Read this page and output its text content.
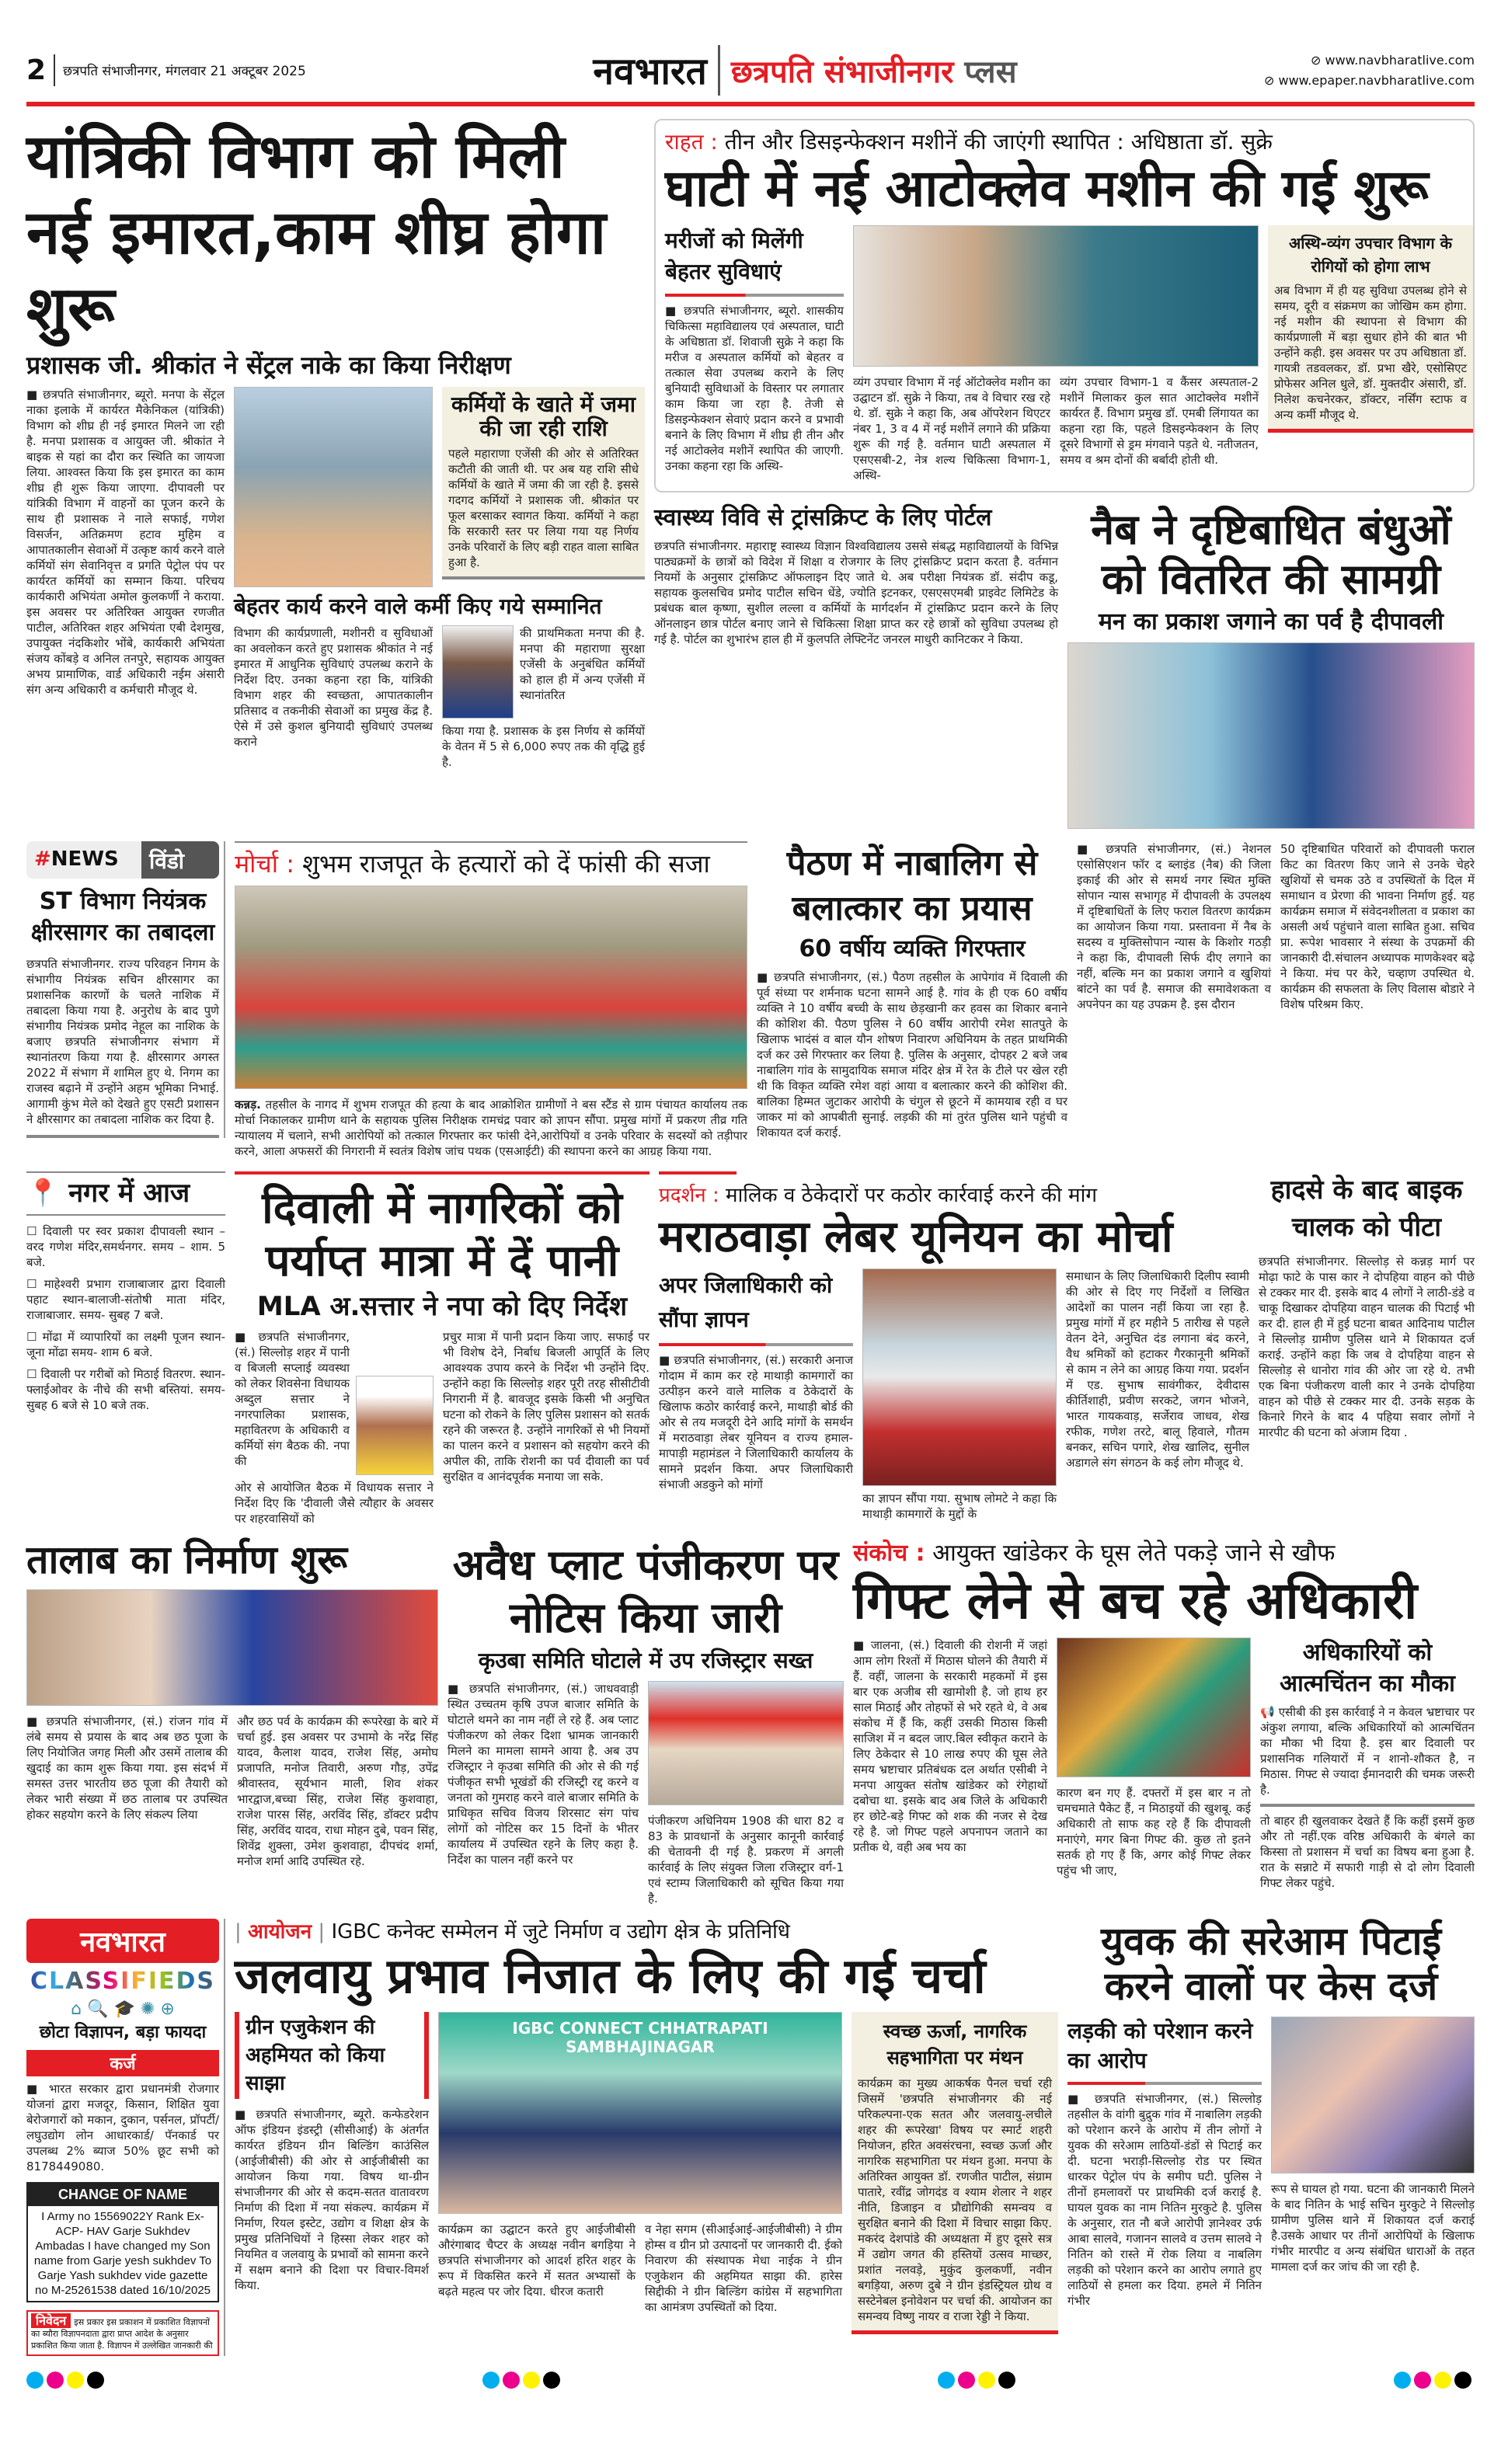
2	छत्रपति संभाजीनगर, मंगलवार 21 अक्टूबर 2025	नवभारत छत्रपति संभाजीनगर प्लस	⊘ www.navbharatlive.com
⊘ www.epaper.navbharatlive.com
यांत्रिकी विभाग को मिली नई इमारत,काम शीघ्र होगा शुरू
प्रशासक जी. श्रीकांत ने सेंट्रल नाके का किया निरीक्षण
■ छत्रपति संभाजीनगर, ब्यूरो. मनपा के सेंट्रल नाका इलाके में कार्यरत मैकेनिकल (यांत्रिकी) विभाग को शीघ्र ही नई इमारत मिलने जा रही है. मनपा प्रशासक व आयुक्त जी. श्रीकांत ने बाइक से यहां का दौरा कर स्थिति का जायजा लिया. आश्वस्त किया कि इस इमारत का काम शीघ्र ही शुरू किया जाएगा. दीपावली पर यांत्रिकी विभाग में वाहनों का पूजन करने के साथ ही प्रशासक ने नाले सफाई, गणेश विसर्जन, अतिक्रमण हटाव मुहिम व आपातकालीन सेवाओं में उत्कृष्ट कार्य करने वाले कर्मियों संग सेवानिवृत्त व प्रगति पेट्रोल पंप पर कार्यरत कर्मियों का सम्मान किया. परिचय कार्यकारी अभियंता अमोल कुलकर्णी ने कराया. इस अवसर पर अतिरिक्त आयुक्त रणजीत पाटील, अतिरिक्त शहर अभियंता एबी देशमुख, उपायुक्त नंदकिशोर भोंबे, कार्यकारी अभियंता संजय कोंबड़े व अनिल तनपुरे, सहायक आयुक्त अभय प्रामाणिक, वार्ड अधिकारी नईम अंसारी संग अन्य अधिकारी व कर्मचारी मौजूद थे.
कर्मियों के खाते में जमा की जा रही राशि
पहले महाराणा एजेंसी की ओर से अतिरिक्त कटौती की जाती थी. पर अब यह राशि सीधे कर्मियों के खाते में जमा की जा रही है. इससे गदगद कर्मियों ने प्रशासक जी. श्रीकांत पर फूल बरसाकर स्वागत किया. कर्मियों ने कहा कि सरकारी स्तर पर लिया गया यह निर्णय उनके परिवारों के लिए बड़ी राहत वाला साबित हुआ है.
बेहतर कार्य करने वाले कर्मी किए गये सम्मानित
विभाग की कार्यप्रणाली, मशीनरी व सुविधाओं का अवलोकन करते हुए प्रशासक श्रीकांत ने नई इमारत में आधुनिक सुविधाएं उपलब्ध कराने के निर्देश दिए. उनका कहना रहा कि, यांत्रिकी विभाग शहर की स्वच्छता, आपातकालीन प्रतिसाद व तकनीकी सेवाओं का प्रमुख केंद्र है. ऐसे में उसे कुशल बुनियादी सुविधाएं उपलब्ध कराने
की प्राथमिकता मनपा की है. मनपा की महाराणा सुरक्षा एजेंसी के अनुबंधित कर्मियों को हाल ही में अन्य एजेंसी में स्थानांतरित
किया गया है. प्रशासक के इस निर्णय से कर्मियों के वेतन में 5 से 6,000 रुपए तक की वृद्धि हुई है.
राहत : तीन और डिसइन्फेक्शन मशीनें की जाएंगी स्थापित : अधिष्ठाता डॉ. सुक्रे
घाटी में नई आटोक्लेव मशीन की गई शुरू
मरीजों को मिलेंगी बेहतर सुविधाएं
■ छत्रपति संभाजीनगर, ब्यूरो. शासकीय चिकित्सा महाविद्यालय एवं अस्पताल, घाटी के अधिष्ठाता डॉ. शिवाजी सुक्रे ने कहा कि मरीज व अस्पताल कर्मियों को बेहतर व तत्काल सेवा उपलब्ध कराने के लिए बुनियादी सुविधाओं के विस्तार पर लगातार काम किया जा रहा है. तेजी से डिसइन्फेक्शन सेवाएं प्रदान करने व प्रभावी बनाने के लिए विभाग में शीघ्र ही तीन और नई आटोक्लेव मशीनें स्थापित की जाएगी. उनका कहना रहा कि अस्थि-
व्यंग उपचार विभाग में नई ऑटोक्लेव मशीन का उद्घाटन डॉ. सुक्रे ने किया, तब वे विचार रख रहे थे. डॉ. सुक्रे ने कहा कि, अब ऑपरेशन थिएटर नंबर 1, 3 व 4 में नई मशीनें लगाने की प्रक्रिया शुरू की गई है. वर्तमान घाटी अस्पताल में एसएसबी-2, नेत्र शल्य चिकित्सा विभाग-1, अस्थि-
व्यंग उपचार विभाग-1 व कैंसर अस्पताल-2 मशीनें मिलाकर कुल सात आटोक्लेव मशीनें कार्यरत हैं. विभाग प्रमुख डॉ. एमबी लिंगायत का कहना रहा कि, पहले डिसइन्फेक्शन के लिए दूसरे विभागों से ड्रम मंगवाने पड़ते थे. नतीजतन, समय व श्रम दोनों की बर्बादी होती थी.
अस्थि-व्यंग उपचार विभाग के रोगियों को होगा लाभ
अब विभाग में ही यह सुविधा उपलब्ध होने से समय, दूरी व संक्रमण का जोखिम कम होगा. नई मशीन की स्थापना से विभाग की कार्यप्रणाली में बड़ा सुधार होने की बात भी उन्होंने कही. इस अवसर पर उप अधिष्ठाता डॉ. गायत्री तडवलकर, डॉ. प्रभा खैरे, एसोसिएट प्रोफेसर अनिल धुले, डॉ. मुक्तदीर अंसारी, डॉ. निलेश कचनेरकर, डॉक्टर, नर्सिंग स्टाफ व अन्य कर्मी मौजूद थे.
स्वास्थ्य विवि से ट्रांसक्रिप्ट के लिए पोर्टल
छत्रपति संभाजीनगर. महाराष्ट्र स्वास्थ्य विज्ञान विश्वविद्यालय उससे संबद्ध महाविद्यालयों के विभिन्न पाठ्यक्रमों के छात्रों को विदेश में शिक्षा व रोजगार के लिए ट्रांसक्रिप्ट प्रदान करता है. वर्तमान नियमों के अनुसार ट्रांसक्रिप्ट ऑफलाइन दिए जाते थे. अब परीक्षा नियंत्रक डॉ. संदीप कडू, सहायक कुलसचिव प्रमोद पाटील सचिन धेंडे, ज्योति इटनकर, एसएसएमबी प्राइवेट लिमिटेड के प्रबंधक बाल कृष्णा, सुशील लल्ला व कर्मियों के मार्गदर्शन में ट्रांसक्रिप्ट प्रदान करने के लिए ऑनलाइन छात्र पोर्टल बनाए जाने से चिकित्सा शिक्षा प्राप्त कर रहे छात्रों को सुविधा उपलब्ध हो गई है. पोर्टल का शुभारंभ हाल ही में कुलपति लेफ्टिनेंट जनरल माधुरी कानिटकर ने किया.
नैब ने दृष्टिबाधित बंधुओं को वितरित की सामग्री
मन का प्रकाश जगाने का पर्व है दीपावली
#NEWS	विंडो
ST विभाग नियंत्रक क्षीरसागर का तबादला
छत्रपति संभाजीनगर. राज्य परिवहन निगम के संभागीय नियंत्रक सचिन क्षीरसागर का प्रशासनिक कारणों के चलते नाशिक में तबादला किया गया है. अनुरोध के बाद पुणे संभागीय नियंत्रक प्रमोद नेहूल का नाशिक के बजाए छत्रपति संभाजीनगर संभाग में स्थानांतरण किया गया है. क्षीरसागर अगस्त 2022 में संभाग में शामिल हुए थे. निगम का राजस्व बढ़ाने में उन्होंने अहम भूमिका निभाई. आगामी कुंभ मेले को देखते हुए एसटी प्रशासन ने क्षीरसागर का तबादला नाशिक कर दिया है.
मोर्चा : शुभम राजपूत के हत्यारों को दें फांसी की सजा
कन्नड़. तहसील के नागद में शुभम राजपूत की हत्या के बाद आक्रोशित ग्रामीणों ने बस स्टैंड से ग्राम पंचायत कार्यालय तक मोर्चा निकालकर ग्रामीण थाने के सहायक पुलिस निरीक्षक रामचंद्र पवार को ज्ञापन सौंपा. प्रमुख मांगों में प्रकरण तीव्र गति न्यायालय में चलाने, सभी आरोपियों को तत्काल गिरफ्तार कर फांसी देने,आरोपियों व उनके परिवार के सदस्यों को तड़ीपार करने, आला अफसरों की निगरानी में स्वतंत्र विशेष जांच पथक (एसआईटी) की स्थापना करने का आग्रह किया गया.
पैठण में नाबालिग से बलात्कार का प्रयास
60 वर्षीय व्यक्ति गिरफ्तार
■ छत्रपति संभाजीनगर, (सं.) पैठण तहसील के आपेगांव में दिवाली की पूर्व संध्या पर शर्मनाक घटना सामने आई है. गांव के ही एक 60 वर्षीय व्यक्ति ने 10 वर्षीय बच्ची के साथ छेड़खानी कर हवस का शिकार बनाने की कोशिश की. पैठण पुलिस ने 60 वर्षीय आरोपी रमेश सातपुते के खिलाफ भादंसं व बाल यौन शोषण निवारण अधिनियम के तहत प्राथमिकी दर्ज कर उसे गिरफ्तार कर लिया है. पुलिस के अनुसार, दोपहर 2 बजे जब नाबालिग गांव के सामुदायिक समाज मंदिर क्षेत्र में रेत के टीले पर खेल रही थी कि विकृत व्यक्ति रमेश वहां आया व बलात्कार करने की कोशिश की. बालिका हिम्मत जुटाकर आरोपी के चंगुल से छूटने में कामयाब रही व घर जाकर मां को आपबीती सुनाई. लड़की की मां तुरंत पुलिस थाने पहुंची व शिकायत दर्ज कराई.
■ छत्रपति संभाजीनगर, (सं.) नेशनल एसोसिएशन फॉर द ब्लाइंड (नैब) की जिला इकाई की ओर से समर्थ नगर स्थित मुक्ति सोपान न्यास सभागृह में दीपावली के उपलक्ष्य में दृष्टिबाधितों के लिए फराल वितरण कार्यक्रम का आयोजन किया गया. प्रस्तावना में नैब के सदस्य व मुक्तिसोपान न्यास के किशोर गठड़ी ने कहा कि, दीपावली सिर्फ दीए लगाने का नहीं, बल्कि मन का प्रकाश जगाने व खुशियां बांटने का पर्व है. समाज की समावेशकता व अपनेपन का यह उपक्रम है. इस दौरान
50 दृष्टिबाधित परिवारों को दीपावली फराल किट का वितरण किए जाने से उनके चेहरे खुशियों से चमक उठे व उपस्थितों के दिल में समाधान व प्रेरणा की भावना निर्माण हुई. यह कार्यक्रम समाज में संवेदनशीलता व प्रकाश का असली अर्थ पहुंचाने वाला साबित हुआ. सचिव प्रा. रूपेश भावसार ने संस्था के उपक्रमों की जानकारी दी.संचालन अध्यापक माणकेश्वर बढ़े ने किया. मंच पर केरे, चव्हाण उपस्थित थे. कार्यक्रम की सफलता के लिए विलास बोडारे ने विशेष परिश्रम किए.
📍 नगर में आज
☐ दिवाली पर स्वर प्रकाश दीपावली स्थान – वरद गणेश मंदिर,समर्थनगर. समय – शाम. 5 बजे.
☐ माहेश्वरी प्रभाग राजाबाजार द्वारा दिवाली पहाट स्थान-बालाजी-संतोषी माता मंदिर, राजाबाजार. समय- सुबह 7 बजे.
☐ मोंढा में व्यापारियों का लक्ष्मी पूजन स्थान-जूना मोंढा समय- शाम 6 बजे.
☐ दिवाली पर गरीबों को मिठाई वितरण. स्थान- फ्लाईओवर के नीचे की सभी बस्तियां. समय- सुबह 6 बजे से 10 बजे तक.
दिवाली में नागरिकों को पर्याप्त मात्रा में दें पानी
MLA अ.सत्तार ने नपा को दिए निर्देश
■ छत्रपति संभाजीनगर, (सं.) सिल्लोड़ शहर में पानी व बिजली सप्लाई व्यवस्था को लेकर शिवसेना विधायक अब्दुल सत्तार ने नगरपालिका प्रशासक, महावितरण के अधिकारी व कर्मियों संग बैठक की. नपा की
ओर से आयोजित बैठक में विधायक सत्तार ने निर्देश दिए कि 'दीवाली जैसे त्यौहार के अवसर पर शहरवासियों को
प्रचुर मात्रा में पानी प्रदान किया जाए. सफाई पर भी विशेष देने, निर्बाध बिजली आपूर्ति के लिए आवश्यक उपाय करने के निर्देश भी उन्होंने दिए. उन्होंने कहा कि सिल्लोड़ शहर पूरी तरह सीसीटीवी निगरानी में है. बावजूद इसके किसी भी अनुचित घटना को रोकने के लिए पुलिस प्रशासन को सतर्क रहने की जरूरत है. उन्होंने नागरिकों से भी नियमों का पालन करने व प्रशासन को सहयोग करने की अपील की, ताकि रोशनी का पर्व दीवाली का पर्व सुरक्षित व आनंदपूर्वक मनाया जा सके.
प्रदर्शन : मालिक व ठेकेदारों पर कठोर कार्रवाई करने की मांग
मराठवाड़ा लेबर यूनियन का मोर्चा
अपर जिलाधिकारी को सौंपा ज्ञापन
■ छत्रपति संभाजीनगर, (सं.) सरकारी अनाज गोदाम में काम कर रहे माथाड़ी कामगारों का उत्पीड़न करने वाले मालिक व ठेकेदारों के खिलाफ कठोर कार्रवाई करने, माथाड़ी बोर्ड की ओर से तय मजदूरी देने आदि मांगों के समर्थन में मराठवाड़ा लेबर यूनियन व राज्य हमाल-मापाड़ी महामंडल ने जिलाधिकारी कार्यालय के सामने प्रदर्शन किया. अपर जिलाधिकारी संभाजी अडकुने को मांगों
का ज्ञापन सौंपा गया. सुभाष लोमटे ने कहा कि माथाड़ी कामगारों के मुद्दों के
समाधान के लिए जिलाधिकारी दिलीप स्वामी की ओर से दिए गए निर्देशों व लिखित आदेशों का पालन नहीं किया जा रहा है. प्रमुख मांगों में हर महीने 5 तारीख से पहले वेतन देने, अनुचित दंड लगाना बंद करने, वैध श्रमिकों को हटाकर गैरकानूनी श्रमिकों से काम न लेने का आग्रह किया गया. प्रदर्शन में एड. सुभाष सावंगीकर, देवीदास कीर्तिशाही, प्रवीण सरकटे, जगन भोजने, भारत गायकवाड़, सर्जेराव जाधव, शेख रफीक, गणेश तरटे, बालू हिवाले, गौतम बनकर, सचिन पगारे, शेख खालिद, सुनील अडागले संग संगठन के कई लोग मौजूद थे.
हादसे के बाद बाइक चालक को पीटा
छत्रपति संभाजीनगर. सिल्लोड़ से कन्नड़ मार्ग पर मोढ़ा फाटे के पास कार ने दोपहिया वाहन को पीछे से टक्कर मार दी. इसके बाद 4 लोगों ने लाठी-डंडे व चाकू दिखाकर दोपहिया वाहन चालक की पिटाई भी कर दी. हाल ही में हुई घटना बाबत आदिनाथ पाटील ने सिल्लोड़ ग्रामीण पुलिस थाने मे शिकायत दर्ज कराई. उन्होंने कहा कि जब वे दोपहिया वाहन से सिल्लोड़ से धानोरा गांव की ओर जा रहे थे. तभी एक बिना पंजीकरण वाली कार ने उनके दोपहिया वाहन को पीछे से टक्कर मार दी. उनके सड़क के किनारे गिरने के बाद 4 पहिया सवार लोगों ने मारपीट की घटना को अंजाम दिया .
तालाब का निर्माण शुरू
■ छत्रपति संभाजीनगर, (सं.) रांजन गांव में लंबे समय से प्रयास के बाद अब छठ पूजा के लिए नियोजित जगह मिली और उसमें तालाब की खुदाई का काम शुरू किया गया. इस संदर्भ में समस्त उत्तर भारतीय छठ पूजा की तैयारी को लेकर भारी संख्या में छठ तालाब पर उपस्थित होकर सहयोग करने के लिए संकल्प लिया
और छठ पर्व के कार्यक्रम की रूपरेखा के बारे में चर्चा हुई. इस अवसर पर उभामो के नरेंद्र सिंह यादव, कैलाश यादव, राजेश सिंह, अमोघ प्रजापति, मनोज तिवारी, अरुण गौड़, उपेंद्र श्रीवास्तव, सूर्यभान माली, शिव शंकर भारद्वाज,बच्चा सिंह, राजेश सिंह कुशवाहा, राजेश पारस सिंह, अरविंद सिंह, डॉक्टर प्रदीप सिंह, अरविंद यादव, राधा मोहन दुबे, पवन सिंह, शिवेंद्र शुक्ला, उमेश कुशवाहा, दीपचंद शर्मा, मनोज शर्मा आदि उपस्थित रहे.
अवैध प्लाट पंजीकरण पर नोटिस किया जारी
कृउबा समिति घोटाले में उप रजिस्ट्रार सख्त
■ छत्रपति संभाजीनगर, (सं.) जाधववाड़ी स्थित उच्चतम कृषि उपज बाजार समिति के घोटाले थमने का नाम नहीं ले रहे हैं. अब प्लाट पंजीकरण को लेकर दिशा भ्रामक जानकारी मिलने का मामला सामने आया है. अब उप रजिस्ट्रार ने कृउबा समिति की ओर से की गई पंजीकृत सभी भूखंडों की रजिस्ट्री रद्द करने व जनता को गुमराह करने वाले बाजार समिति के प्राधिकृत सचिव विजय शिरसाट संग पांच लोगों को नोटिस कर 15 दिनों के भीतर कार्यालय में उपस्थित रहने के लिए कहा है. निर्देश का पालन नहीं करने पर
पंजीकरण अधिनियम 1908 की धारा 82 व 83 के प्रावधानों के अनुसार कानूनी कार्रवाई की चेतावनी दी गई है. प्रकरण में अगली कार्रवाई के लिए संयुक्त जिला रजिस्ट्रार वर्ग-1 एवं स्टाम्प जिलाधिकारी को सूचित किया गया है.
संकोच : आयुक्त खांडेकर के घूस लेते पकड़े जाने से खौफ
गिफ्ट लेने से बच रहे अधिकारी
■ जालना, (सं.) दिवाली की रोशनी में जहां आम लोग रिश्तों में मिठास घोलने की तैयारी में हैं. वहीं, जालना के सरकारी महकमों में इस बार एक अजीब सी खामोशी है. जो हाथ हर साल मिठाई और तोहफों से भरे रहते थे, वे अब संकोच में हैं कि, कहीं उसकी मिठास किसी साजिश में न बदल जाए.बिल स्वीकृत कराने के लिए ठेकेदार से 10 लाख रुपए की घूस लेते समय भ्रष्टाचार प्रतिबंधक दल अर्थात एसीबी ने मनपा आयुक्त संतोष खांडेकर को रंगेहाथों दबोचा था. इसके बाद अब जिले के अधिकारी हर छोटे-बड़े गिफ्ट को शक की नजर से देख रहे है. जो गिफ्ट पहले अपनापन जताने का प्रतीक थे, वही अब भय का
कारण बन गए हैं. दफ्तरों में इस बार न तो चमचमाते पैकेट हैं, न मिठाइयों की खुशबू. कई अधिकारी तो साफ कह रहे हैं कि दीपावली मनाएंगे, मगर बिना गिफ्ट की. कुछ तो इतने सतर्क हो गए हैं कि, अगर कोई गिफ्ट लेकर पहुंच भी जाए,
अधिकारियों को आत्मचिंतन का मौका
📢 एसीबी की इस कार्रवाई ने न केवल भ्रष्टाचार पर अंकुश लगाया, बल्कि अधिकारियों को आत्मचिंतन का मौका भी दिया है. इस बार दिवाली पर प्रशासनिक गलियारों में न शानो-शौकत है, न मिठास. गिफ्ट से ज्यादा ईमानदारी की चमक जरूरी है.
तो बाहर ही खुलवाकर देखते हैं कि कहीं इसमें कुछ और तो नहीं.एक वरिष्ठ अधिकारी के बंगले का किस्सा तो प्रशासन में चर्चा का विषय बना हुआ है. रात के सन्नाटे में सफारी गाड़ी से दो लोग दिवाली गिफ्ट लेकर पहुंचे.
नवभारत
CLASSIFIEDS
⌂ 🔍 🎓 ✺ ⊕
छोटा विज्ञापन, बड़ा फायदा
कर्ज
■ भारत सरकार द्वारा प्रधानमंत्री रोजगार योजनां द्वारा मजदूर, किसान, शिक्षित युवा बेरोजगारों को मकान, दुकान, पर्सनल, प्रॉपर्टी/ लघुउद्योग लोन आधारकार्ड/ पॅनकार्ड पर उपलब्ध 2% ब्याज 50% छूट सभी को 8178449080.
CHANGE OF NAME
I Army no 15569022Y Rank Ex- ACP- HAV Garje Sukhdev Ambadas I have changed my Son name from Garje yesh sukhdev To Garje Yash sukhdev vide gazette no M-25261538 dated 16/10/2025
निवेदन इस प्रकार इस प्रकाशन में प्रकाशित विज्ञापनों का ब्यौरा विज्ञापनदाता द्वारा प्राप्त आदेश के अनुसार प्रकाशित किया जाता है. विज्ञापन में उल्लेखित जानकारी की
| आयोजन | IGBC कनेक्ट सम्मेलन में जुटे निर्माण व उद्योग क्षेत्र के प्रतिनिधि
जलवायु प्रभाव निजात के लिए की गई चर्चा
ग्रीन एजुकेशन की अहमियत को किया साझा
■ छत्रपति संभाजीनगर, ब्यूरो. कन्फेडरेशन ऑफ इंडियन इंडस्ट्री (सीसीआई) के अंतर्गत कार्यरत इंडियन ग्रीन बिल्डिंग काउंसिल (आईजीबीसी) की ओर से आईजीबीसी का आयोजन किया गया. विषय था-ग्रीन संभाजीनगर की ओर से कदम-सतत वातावरण निर्माण की दिशा में नया संकल्प. कार्यक्रम में निर्माण, रियल इस्टेट, उद्योग व शिक्षा क्षेत्र के प्रमुख प्रतिनिधियों ने हिस्सा लेकर शहर को नियमित व जलवायु के प्रभावों को सामना करने में सक्षम बनाने की दिशा पर विचार-विमर्श किया.
IGBC CONNECT CHHATRAPATI SAMBHAJINAGAR
कार्यक्रम का उद्घाटन करते हुए आईजीबीसी औरंगाबाद चैप्टर के अध्यक्ष नवीन बगड़िया ने छत्रपति संभाजीनगर को आदर्श हरित शहर के रूप में विकसित करने में सतत अभ्यासों के बढ़ते महत्व पर जोर दिया. धीरज कतारी
व नेहा सगम (सीआईआई-आईजीबीसी) ने ग्रीम होम्स व ग्रीन प्रो उत्पादनों पर जानकारी दी. ईको निवारण की संस्थापक मेधा नाईक ने ग्रीन एजुकेशन की अहमियत साझा की. हारेस सिद्दीकी ने ग्रीन बिल्डिंग कांग्रेस में सहभागिता का आमंत्रण उपस्थितों को दिया.
स्वच्छ ऊर्जा, नागरिक सहभागिता पर मंथन
कार्यक्रम का मुख्य आकर्षक पैनल चर्चा रही जिसमें 'छत्रपति संभाजीनगर की नई परिकल्पना-एक सतत और जलवायु-लचीले शहर की रूपरेखा' विषय पर स्मार्ट शहरी नियोजन, हरित अवसंरचना, स्वच्छ ऊर्जा और नागरिक सहभागिता पर मंथन हुआ. मनपा के अतिरिक्त आयुक्त डॉ. रणजीत पाटील, संग्राम पातारे, रवींद्र जोगदंड व श्याम शेलार ने शहर नीति, डिजाइन व प्रौद्योगिकी समन्वय व सुरक्षित बनाने की दिशा में विचार साझा किए. मकरंद देशपांडे की अध्यक्षता में हुए दूसरे सत्र में उद्योग जगत की हस्तियों उत्सव माच्छर, प्रशांत नलवड़े, मुकुंद कुलकर्णी, नवीन बगड़िया, अरुण दुबे ने ग्रीन इंडस्ट्रियल ग्रोथ व सस्टेनेबल इनोवेशन पर चर्चा की. आयोजन का समन्वय विष्णु नायर व राजा रेड्डी ने किया.
युवक की सरेआम पिटाई करने वालों पर केस दर्ज
लड़की को परेशान करने का आरोप
■ छत्रपति संभाजीनगर, (सं.) सिल्लोड़ तहसील के वांगी बुद्रुक गांव में नाबालिग लड़की को परेशान करने के आरोप में तीन लोगों ने युवक की सरेआम लाठियों-डंडों से पिटाई कर दी. घटना भराड़ी-सिल्लोड़ रोड पर स्थित धारकर पेट्रोल पंप के समीप घटी. पुलिस ने तीनों हमलावरों पर प्राथमिकी दर्ज कराई है. घायल युवक का नाम नितिन मुरकुटे है. पुलिस के अनुसार, रात नौ बजे आरोपी ज्ञानेश्वर उर्फ आबा सालवे, गजानन सालवे व उत्तम सालवे ने नितिन को रास्ते में रोक लिया व नाबलिग लड़की को परेशान करने का आरोप लगाते हुए लाठियों से हमला कर दिया. हमले में नितिन गंभीर
रूप से घायल हो गया. घटना की जानकारी मिलने के बाद नितिन के भाई सचिन मुरकुटे ने सिल्लोड़ ग्रामीण पुलिस थाने में शिकायत दर्ज कराई है.उसके आधार पर तीनों आरोपियों के खिलाफ गंभीर मारपीट व अन्य संबंधित धाराओं के तहत मामला दर्ज कर जांच की जा रही है.
